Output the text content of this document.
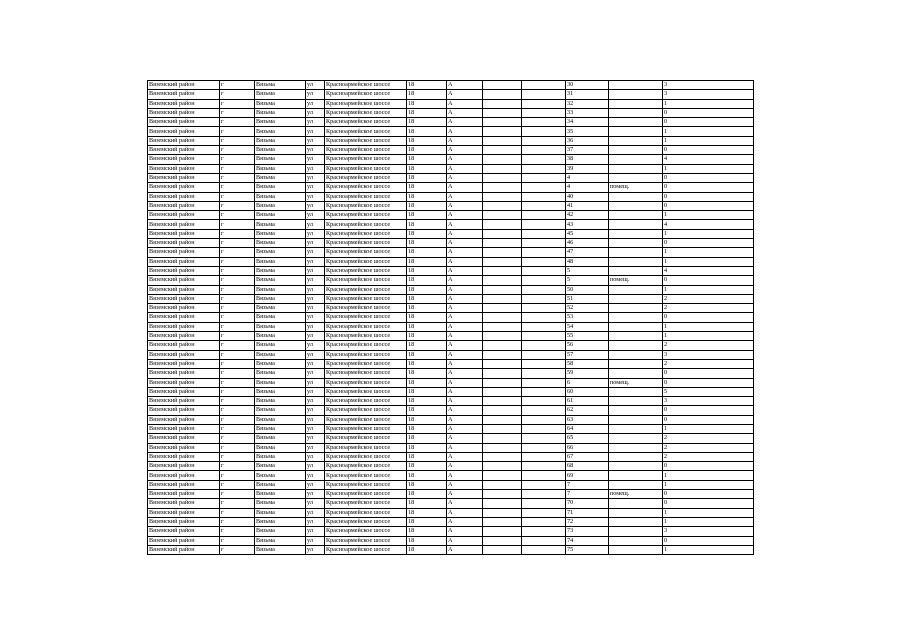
Вяземский район	г	Вязьма	ул	Красноармейское шоссе	18	А			30		3
Вяземский район	г	Вязьма	ул	Красноармейское шоссе	18	А			31		3
Вяземский район	г	Вязьма	ул	Красноармейское шоссе	18	А			32		1
Вяземский район	г	Вязьма	ул	Красноармейское шоссе	18	А			33		0
Вяземский район	г	Вязьма	ул	Красноармейское шоссе	18	А			34		0
Вяземский район	г	Вязьма	ул	Красноармейское шоссе	18	А			35		1
Вяземский район	г	Вязьма	ул	Красноармейское шоссе	18	А			36		1
Вяземский район	г	Вязьма	ул	Красноармейское шоссе	18	А			37		0
Вяземский район	г	Вязьма	ул	Красноармейское шоссе	18	А			38		4
Вяземский район	г	Вязьма	ул	Красноармейское шоссе	18	А			39		1
Вяземский район	г	Вязьма	ул	Красноармейское шоссе	18	А			4		0
Вяземский район	г	Вязьма	ул	Красноармейское шоссе	18	А			4	помещ.	0
Вяземский район	г	Вязьма	ул	Красноармейское шоссе	18	А			40		0
Вяземский район	г	Вязьма	ул	Красноармейское шоссе	18	А			41		0
Вяземский район	г	Вязьма	ул	Красноармейское шоссе	18	А			42		1
Вяземский район	г	Вязьма	ул	Красноармейское шоссе	18	А			43		4
Вяземский район	г	Вязьма	ул	Красноармейское шоссе	18	А			45		1
Вяземский район	г	Вязьма	ул	Красноармейское шоссе	18	А			46		0
Вяземский район	г	Вязьма	ул	Красноармейское шоссе	18	А			47		1
Вяземский район	г	Вязьма	ул	Красноармейское шоссе	18	А			48		1
Вяземский район	г	Вязьма	ул	Красноармейское шоссе	18	А			5		4
Вяземский район	г	Вязьма	ул	Красноармейское шоссе	18	А			5	помещ.	0
Вяземский район	г	Вязьма	ул	Красноармейское шоссе	18	А			50		1
Вяземский район	г	Вязьма	ул	Красноармейское шоссе	18	А			51		2
Вяземский район	г	Вязьма	ул	Красноармейское шоссе	18	А			52		2
Вяземский район	г	Вязьма	ул	Красноармейское шоссе	18	А			53		0
Вяземский район	г	Вязьма	ул	Красноармейское шоссе	18	А			54		1
Вяземский район	г	Вязьма	ул	Красноармейское шоссе	18	А			55		1
Вяземский район	г	Вязьма	ул	Красноармейское шоссе	18	А			56		2
Вяземский район	г	Вязьма	ул	Красноармейское шоссе	18	А			57		3
Вяземский район	г	Вязьма	ул	Красноармейское шоссе	18	А			58		2
Вяземский район	г	Вязьма	ул	Красноармейское шоссе	18	А			59		0
Вяземский район	г	Вязьма	ул	Красноармейское шоссе	18	А			6	помещ.	0
Вяземский район	г	Вязьма	ул	Красноармейское шоссе	18	А			60		5
Вяземский район	г	Вязьма	ул	Красноармейское шоссе	18	А			61		3
Вяземский район	г	Вязьма	ул	Красноармейское шоссе	18	А			62		0
Вяземский район	г	Вязьма	ул	Красноармейское шоссе	18	А			63		0
Вяземский район	г	Вязьма	ул	Красноармейское шоссе	18	А			64		1
Вяземский район	г	Вязьма	ул	Красноармейское шоссе	18	А			65		2
Вяземский район	г	Вязьма	ул	Красноармейское шоссе	18	А			66		2
Вяземский район	г	Вязьма	ул	Красноармейское шоссе	18	А			67		2
Вяземский район	г	Вязьма	ул	Красноармейское шоссе	18	А			68		0
Вяземский район	г	Вязьма	ул	Красноармейское шоссе	18	А			69		1
Вяземский район	г	Вязьма	ул	Красноармейское шоссе	18	А			7		1
Вяземский район	г	Вязьма	ул	Красноармейское шоссе	18	А			7	помещ.	0
Вяземский район	г	Вязьма	ул	Красноармейское шоссе	18	А			70		0
Вяземский район	г	Вязьма	ул	Красноармейское шоссе	18	А			71		1
Вяземский район	г	Вязьма	ул	Красноармейское шоссе	18	А			72		1
Вяземский район	г	Вязьма	ул	Красноармейское шоссе	18	А			73		3
Вяземский район	г	Вязьма	ул	Красноармейское шоссе	18	А			74		0
Вяземский район	г	Вязьма	ул	Красноармейское шоссе	18	А			75		1
